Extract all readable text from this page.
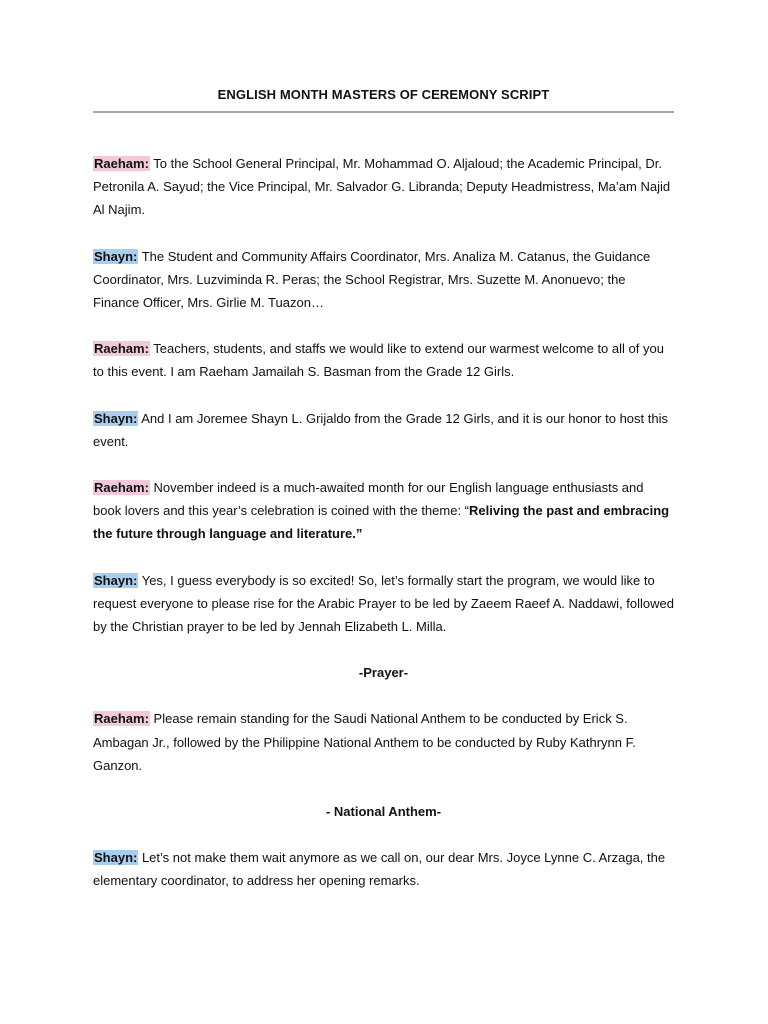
ENGLISH MONTH MASTERS OF CEREMONY SCRIPT

Raeham: To the School General Principal, Mr. Mohammad O. Aljaloud; the Academic Principal, Dr. Petronila A. Sayud; the Vice Principal, Mr. Salvador G. Libranda; Deputy Headmistress, Ma’am Najid Al Najim.

Shayn: The Student and Community Affairs Coordinator, Mrs. Analiza M. Catanus, the Guidance Coordinator, Mrs. Luzviminda R. Peras; the School Registrar, Mrs. Suzette M. Anonuevo; the Finance Officer, Mrs. Girlie M. Tuazon…

Raeham: Teachers, students, and staffs we would like to extend our warmest welcome to all of you to this event. I am Raeham Jamailah S. Basman from the Grade 12 Girls.

Shayn: And I am Joremee Shayn L. Grijaldo from the Grade 12 Girls, and it is our honor to host this event.

Raeham: November indeed is a much-awaited month for our English language enthusiasts and book lovers and this year’s celebration is coined with the theme: “Reliving the past and embracing the future through language and literature.”

Shayn: Yes, I guess everybody is so excited! So, let’s formally start the program, we would like to request everyone to please rise for the Arabic Prayer to be led by Zaeem Raeef A. Naddawi, followed by the Christian prayer to be led by Jennah Elizabeth L. Milla.

-Prayer-

Raeham: Please remain standing for the Saudi National Anthem to be conducted by Erick S. Ambagan Jr., followed by the Philippine National Anthem to be conducted by Ruby Kathrynn F. Ganzon.

- National Anthem-

Shayn: Let’s not make them wait anymore as we call on, our dear Mrs. Joyce Lynne C. Arzaga, the elementary coordinator, to address her opening remarks.
